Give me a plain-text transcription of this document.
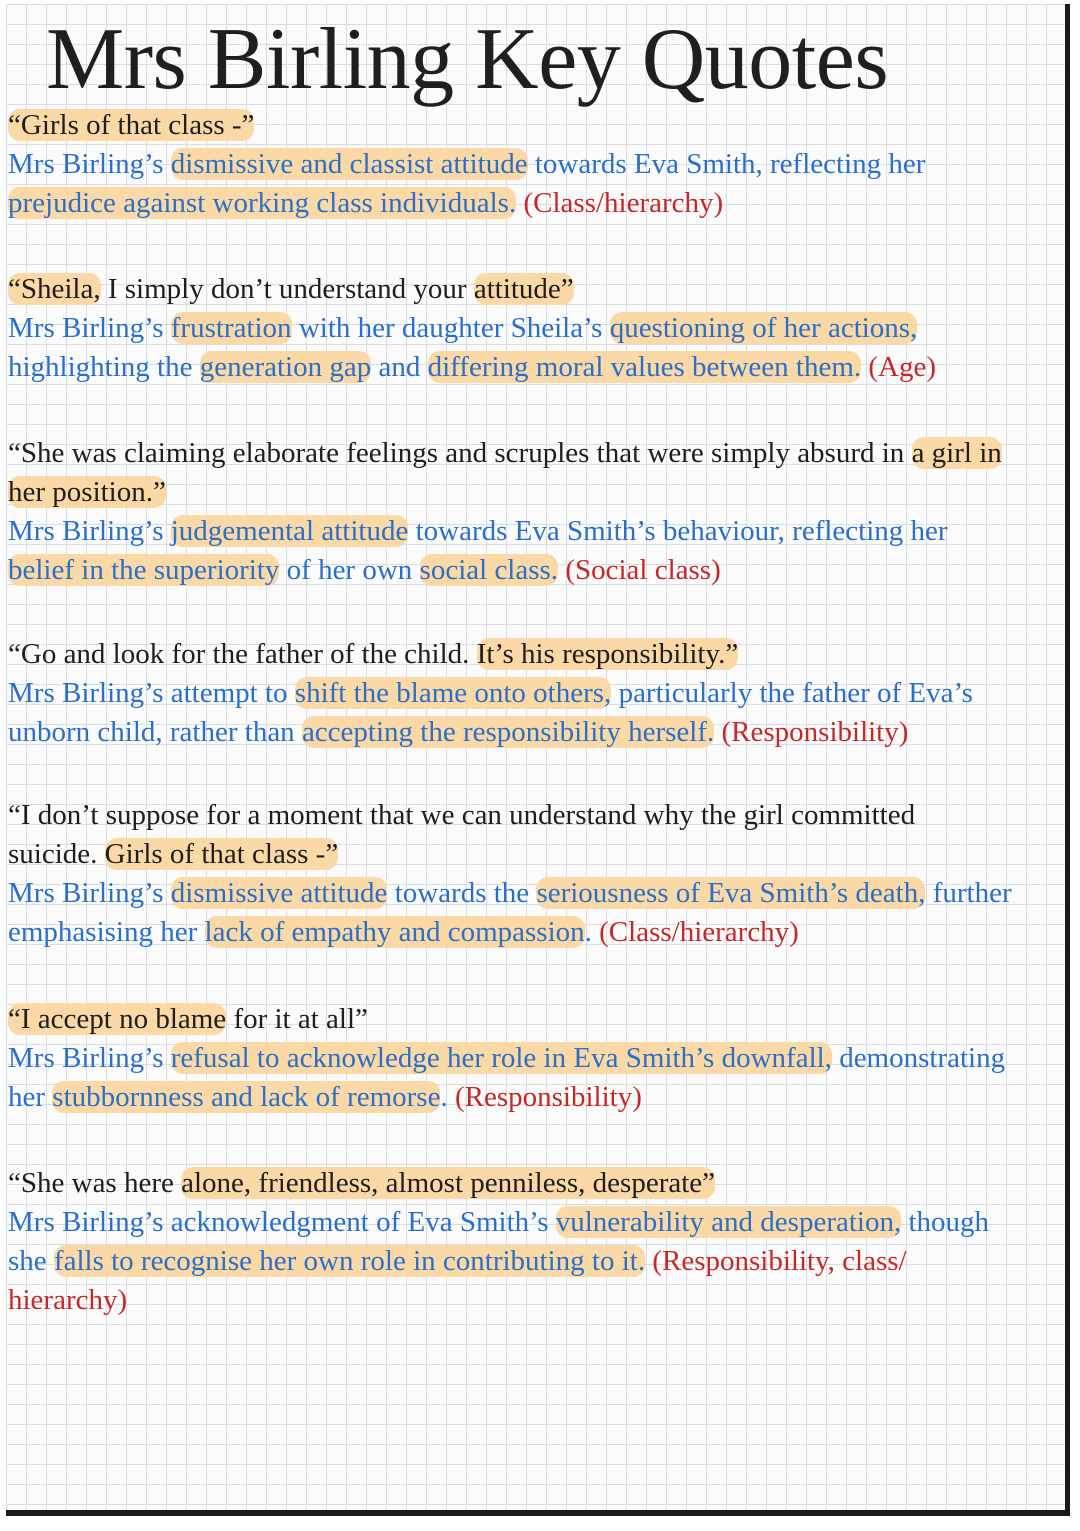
Mrs Birling Key Quotes
“Girls of that class -”
Mrs Birling’s dismissive and classist attitude towards Eva Smith, reflecting her
prejudice against working class individuals. (Class/hierarchy)
“Sheila, I simply don’t understand your attitude”
Mrs Birling’s frustration with her daughter Sheila’s questioning of her actions,
highlighting the generation gap and differing moral values between them. (Age)
“She was claiming elaborate feelings and scruples that were simply absurd in a girl in
her position.”
Mrs Birling’s judgemental attitude towards Eva Smith’s behaviour, reflecting her
belief in the superiority of her own social class. (Social class)
“Go and look for the father of the child. It’s his responsibility.”
Mrs Birling’s attempt to shift the blame onto others, particularly the father of Eva’s
unborn child, rather than accepting the responsibility herself. (Responsibility)
“I don’t suppose for a moment that we can understand why the girl committed
suicide. Girls of that class -”
Mrs Birling’s dismissive attitude towards the seriousness of Eva Smith’s death, further
emphasising her lack of empathy and compassion. (Class/hierarchy)
“I accept no blame for it at all”
Mrs Birling’s refusal to acknowledge her role in Eva Smith’s downfall, demonstrating
her stubbornness and lack of remorse. (Responsibility)
“She was here alone, friendless, almost penniless, desperate”
Mrs Birling’s acknowledgment of Eva Smith’s vulnerability and desperation, though
she falls to recognise her own role in contributing to it. (Responsibility, class/
hierarchy)
